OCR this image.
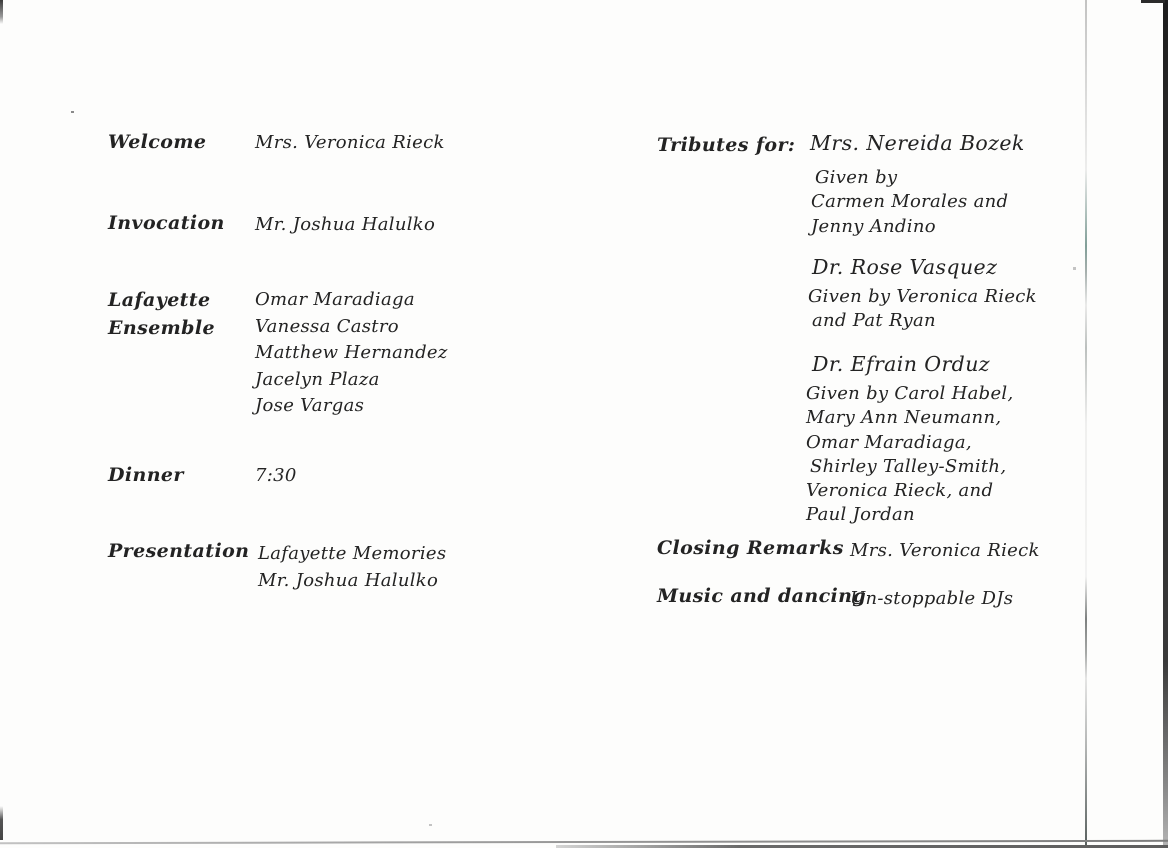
Welcome	Mrs. Veronica Rieck
Invocation Mr. Joshua Halulko
Lafayette
Ensemble
Omar Maradiaga
Vanessa Castro
Matthew Hernandez
Jacelyn Plaza
Jose Vargas
Dinner	7:30
Presentation Lafayette Memories
Mr. Joshua Halulko
Tributes for: Mrs. Nereida Bozek
Given by
Carmen Morales and
Jenny Andino
Dr. Rose Vasquez
Given by Veronica Rieck
and Pat Ryan
Dr. Efrain Orduz
Given by Carol Habel,
Mary Ann Neumann,
Omar Maradiaga,
Shirley Talley-Smith,
Veronica Rieck, and
Paul Jordan
Closing Remarks Mrs. Veronica Rieck
Music and dancing
Un-stoppable DJs
